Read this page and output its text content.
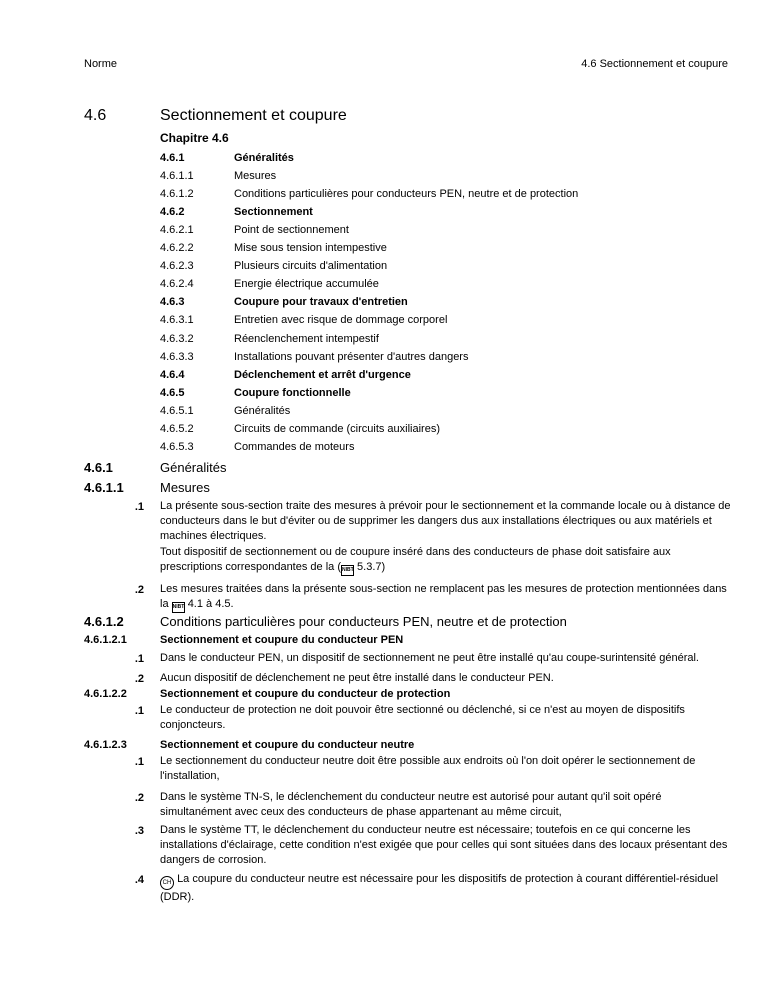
Norme	4.6 Sectionnement et coupure
4.6	Sectionnement et coupure
Chapitre 4.6
4.6.1	Généralités
4.6.1.1	Mesures
4.6.1.2	Conditions particulières pour conducteurs PEN, neutre et de protection
4.6.2	Sectionnement
4.6.2.1	Point de sectionnement
4.6.2.2	Mise sous tension intempestive
4.6.2.3	Plusieurs circuits d'alimentation
4.6.2.4	Energie électrique accumulée
4.6.3	Coupure pour travaux d'entretien
4.6.3.1	Entretien avec risque de dommage corporel
4.6.3.2	Réenclenchement intempestif
4.6.3.3	Installations pouvant présenter d'autres dangers
4.6.4	Déclenchement et arrêt d'urgence
4.6.5	Coupure fonctionnelle
4.6.5.1	Généralités
4.6.5.2	Circuits de commande (circuits auxiliaires)
4.6.5.3	Commandes de moteurs
4.6.1	Généralités
4.6.1.1	Mesures
.1 La présente sous-section traite des mesures à prévoir pour le sectionnement et la commande locale ou à distance de conducteurs dans le but d'éviter ou de supprimer les dangers dus aux installations électriques ou aux matériels et machines électriques.
Tout dispositif de sectionnement ou de coupure inséré dans des conducteurs de phase doit satisfaire aux prescriptions correspondantes de la (NIBT 5.3.7)
.2 Les mesures traitées dans la présente sous-section ne remplacent pas les mesures de protection mentionnées dans la NIBT 4.1 à 4.5.
4.6.1.2	Conditions particulières pour conducteurs PEN, neutre et de protection
4.6.1.2.1	Sectionnement et coupure du conducteur PEN
.1 Dans le conducteur PEN, un dispositif de sectionnement ne peut être installé qu'au coupe-surintensité général.
.2 Aucun dispositif de déclenchement ne peut être installé dans le conducteur PEN.
4.6.1.2.2	Sectionnement et coupure du conducteur de protection
.1 Le conducteur de protection ne doit pouvoir être sectionné ou déclenché, si ce n'est au moyen de dispositifs conjoncteurs.
4.6.1.2.3	Sectionnement et coupure du conducteur neutre
.1 Le sectionnement du conducteur neutre doit être possible aux endroits où l'on doit opérer le sectionnement de l'installation,
.2 Dans le système TN-S, le déclenchement du conducteur neutre est autorisé pour autant qu'il soit opéré simultanément avec ceux des conducteurs de phase appartenant au même circuit,
.3 Dans le système TT, le déclenchement du conducteur neutre est nécessaire; toutefois en ce qui concerne les installations d'éclairage, cette condition n'est exigée que pour celles qui sont situées dans des locaux présentant des dangers de corrosion.
.4	CH La coupure du conducteur neutre est nécessaire pour les dispositifs de protection à courant différentiel-résiduel (DDR).
